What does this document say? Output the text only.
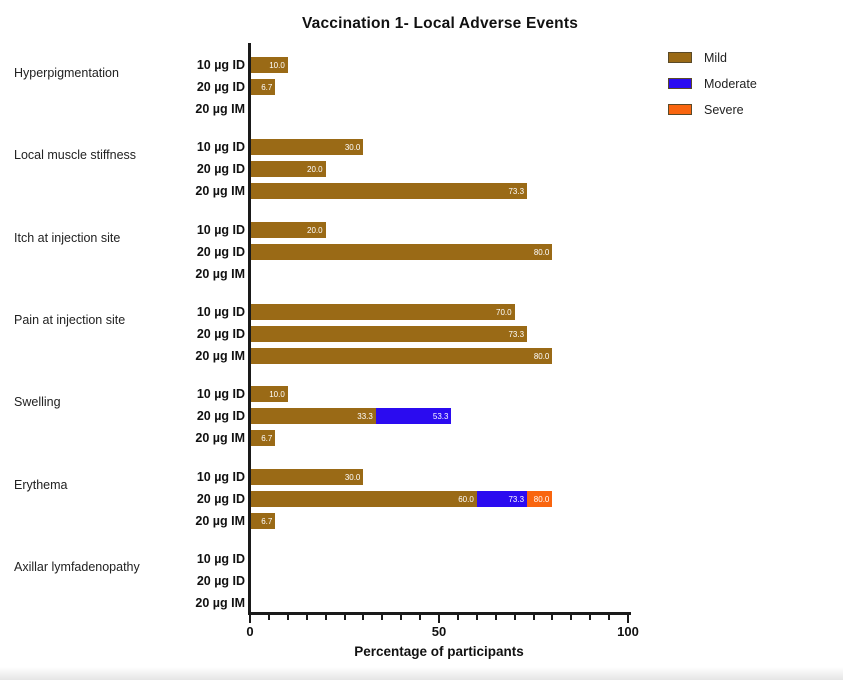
Vaccination 1- Local Adverse Events
Mild
Moderate
Severe
Hyperpigmentation
10 µg ID	10.0
20 µg ID	6.7
20 µg IM
Local muscle stiffness
10 µg ID	30.0
20 µg ID	20.0
20 µg IM	73.3
Itch at injection site
10 µg ID	20.0
20 µg ID	80.0
20 µg IM
Pain at injection site
10 µg ID	70.0
20 µg ID	73.3
20 µg IM	80.0
Swelling
10 µg ID	10.0
20 µg ID	33.3	53.3
20 µg IM	6.7
Erythema
10 µg ID	30.0
20 µg ID	60.0	73.3	80.0
20 µg IM	6.7
Axillar lymfadenopathy
10 µg ID
20 µg ID
20 µg IM
0	50	100
Percentage of participants
